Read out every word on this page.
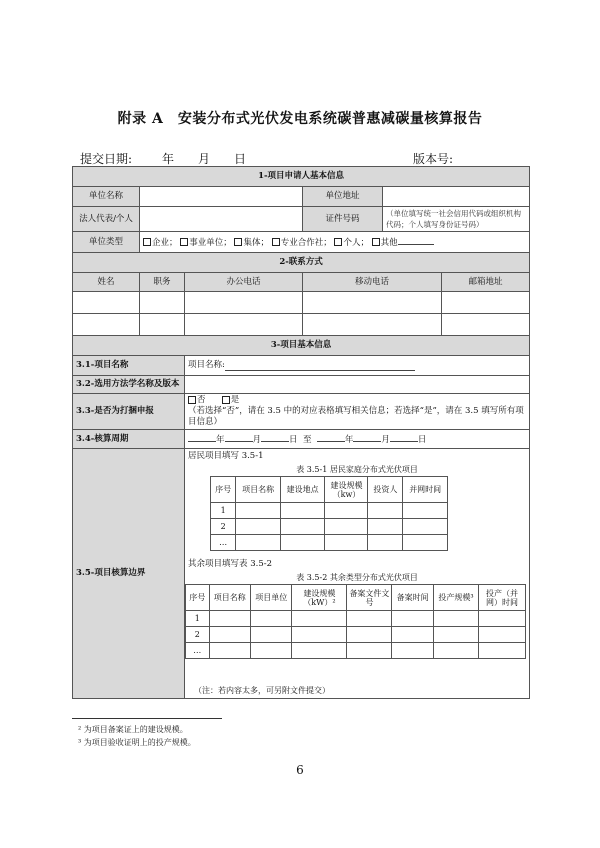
附录 A　安装分布式光伏发电系统碳普惠减碳量核算报告
提交日期: 年 月 日	版本号:
1-项目申请人基本信息
单位名称		单位地址	
法人代表/个人		证件号码	（单位填写统一社会信用代码或组织机构代码；个人填写身份证号码）
单位类型	企业； 事业单位； 集体； 专业合作社； 个人； 其他
2-联系方式
姓名	职务	办公电话	移动电话	邮箱地址

3-项目基本信息
3.1-项目名称	项目名称:
3.2-选用方法学名称及版本	
3.3-是否为打捆申报	否	是
（若选择“否”，请在 3.5 中的对应表格填写相关信息；若选择“是”，请在 3.5 填写所有项目信息）

3.4-核算周期	年	月	日 至	年	月	日
3.5-项目核算边界	
居民项目填写 3.5-1
表 3.5-1 居民家庭分布式光伏项目
序号	项目名称	建设地点	建设规模（kw）	投资人	并网时间
1					
2					
…					
其余项目填写表 3.5-2
表 3.5-2 其余类型分布式光伏项目
序号	项目名称	项目单位	建设规模（kW）²	备案文件文号	备案时间	投产规模³	投产（并网）时间
1							
2							
…							
（注：若内容太多，可另附文件提交）
² 为项目备案证上的建设规模。
³ 为项目验收证明上的投产规模。
6
